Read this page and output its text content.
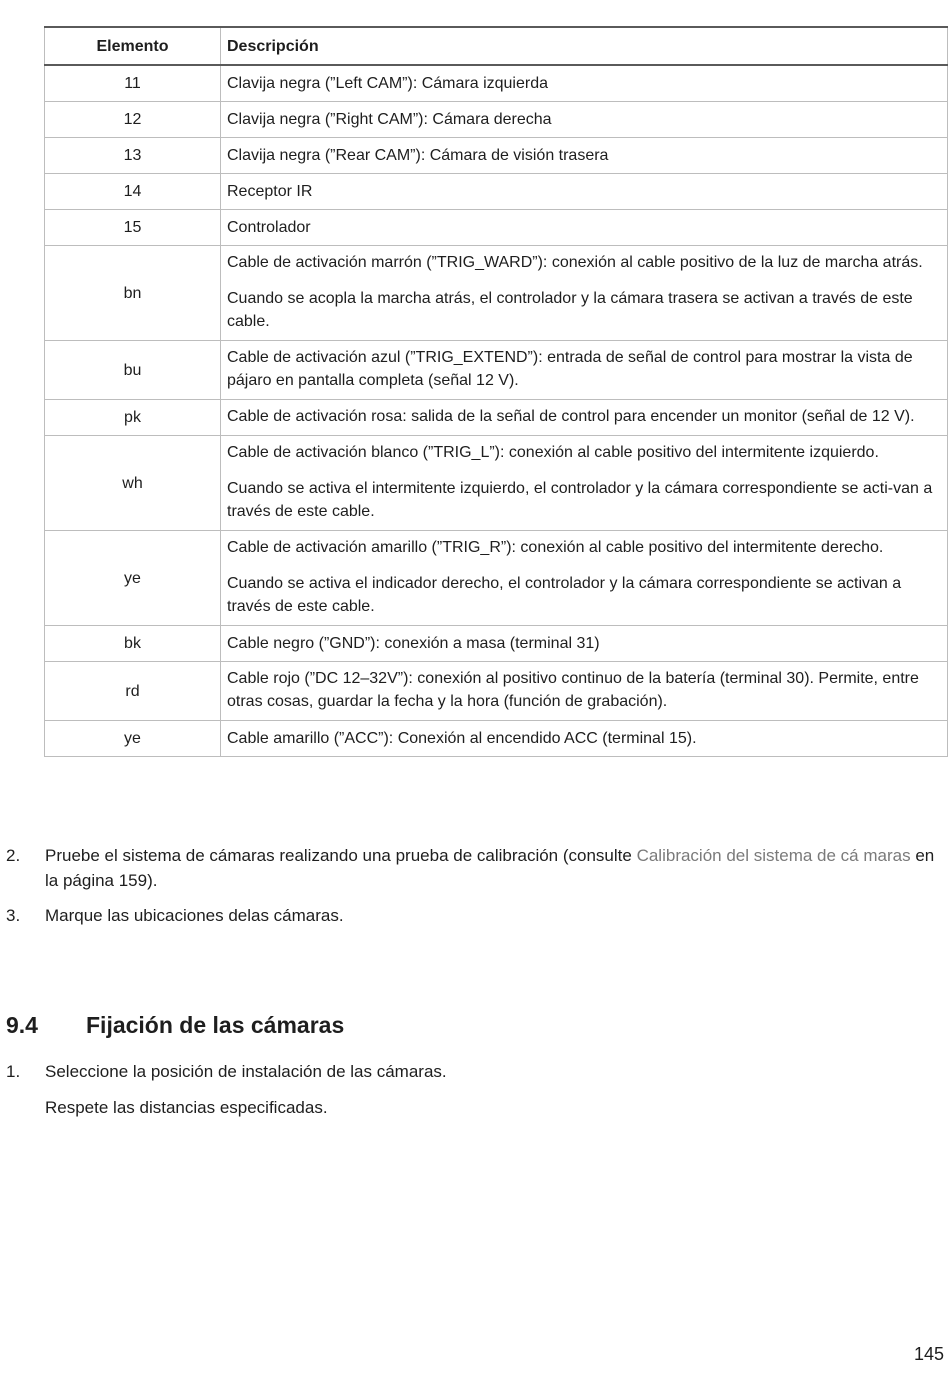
Elemento	Descripción
11	Clavija negra (”Left CAM”): Cámara izquierda

12	Clavija negra (”Right CAM”): Cámara derecha

13	Clavija negra (”Rear CAM”): Cámara de visión trasera

14	Receptor IR

15	Controlador

bn	Cable de activación marrón (”TRIG_WARD”): conexión al cable positivo de la luz de marcha atrás.

Cuando se acopla la marcha atrás, el controlador y la cámara trasera se activan a través de este cable.

bu	Cable de activación azul (”TRIG_EXTEND”): entrada de señal de control para mostrar la vista de pájaro en pantalla completa (señal 12 V).

pk	Cable de activación rosa: salida de la señal de control para encender un monitor (señal de 12 V).

wh	Cable de activación blanco (”TRIG_L”): conexión al cable positivo del intermitente izquierdo.

Cuando se activa el intermitente izquierdo, el controlador y la cámara correspondiente se acti-van a través de este cable.

ye	Cable de activación amarillo (”TRIG_R”): conexión al cable positivo del intermitente derecho.

Cuando se activa el indicador derecho, el controlador y la cámara correspondiente se activan a través de este cable.

bk	Cable negro (”GND”): conexión a masa (terminal 31)

rd	Cable rojo (”DC 12–32V”): conexión al positivo continuo de la batería (terminal 30). Permite, entre otras cosas, guardar la fecha y la hora (función de grabación).

ye	Cable amarillo (”ACC”): Conexión al encendido ACC (terminal 15).

2. Pruebe el sistema de cámaras realizando una prueba de calibración (consulte Calibración del sistema de cá maras en la página 159).
3. Marque las ubicaciones delas cámaras.
9.4 Fijación de las cámaras
1.	Seleccione la posición de instalación de las cámaras.
Respete las distancias especificadas.
145
